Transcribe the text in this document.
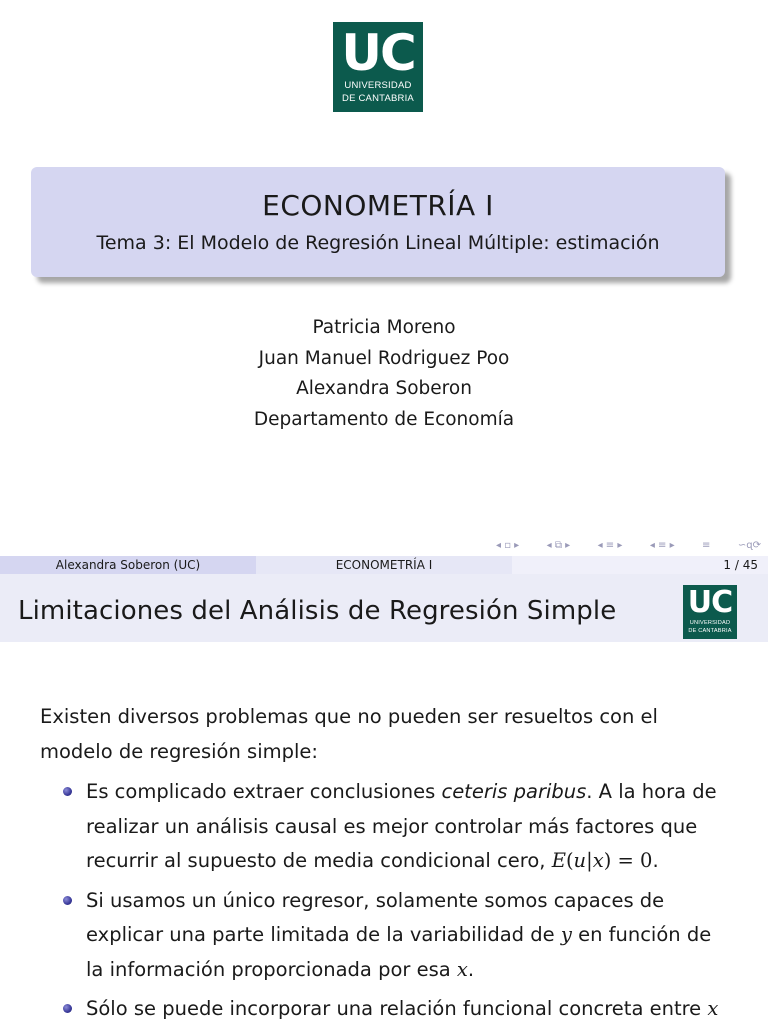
UC
UNIVERSIDAD
DE CANTABRIA
ECONOMETRÍA I
Tema 3: El Modelo de Regresión Lineal Múltiple: estimación
Patricia Moreno
Juan Manuel Rodriguez Poo
Alexandra Soberon
Departamento de Economía
◂ ▫ ▸	◂ ⧉ ▸	◂ ≡ ▸	◂ ≡ ▸	≡	∽ɋ⟳
Alexandra Soberon (UC)	ECONOMETRÍA I	1 / 45
Limitaciones del Análisis de Regresión Simple UC
UNIVERSIDAD
DE CANTABRIA

Existen diversos problemas que no pueden ser resueltos con el modelo de regresión simple:

Es complicado extraer conclusiones ceteris paribus. A la hora de realizar un análisis causal es mejor controlar más factores que recurrir al supuesto de media condicional cero, E(u|x) = 0.
Si usamos un único regresor, solamente somos capaces de explicar una parte limitada de la variabilidad de y en función de la información proporcionada por esa x.
Sólo se puede incorporar una relación funcional concreta entre x
